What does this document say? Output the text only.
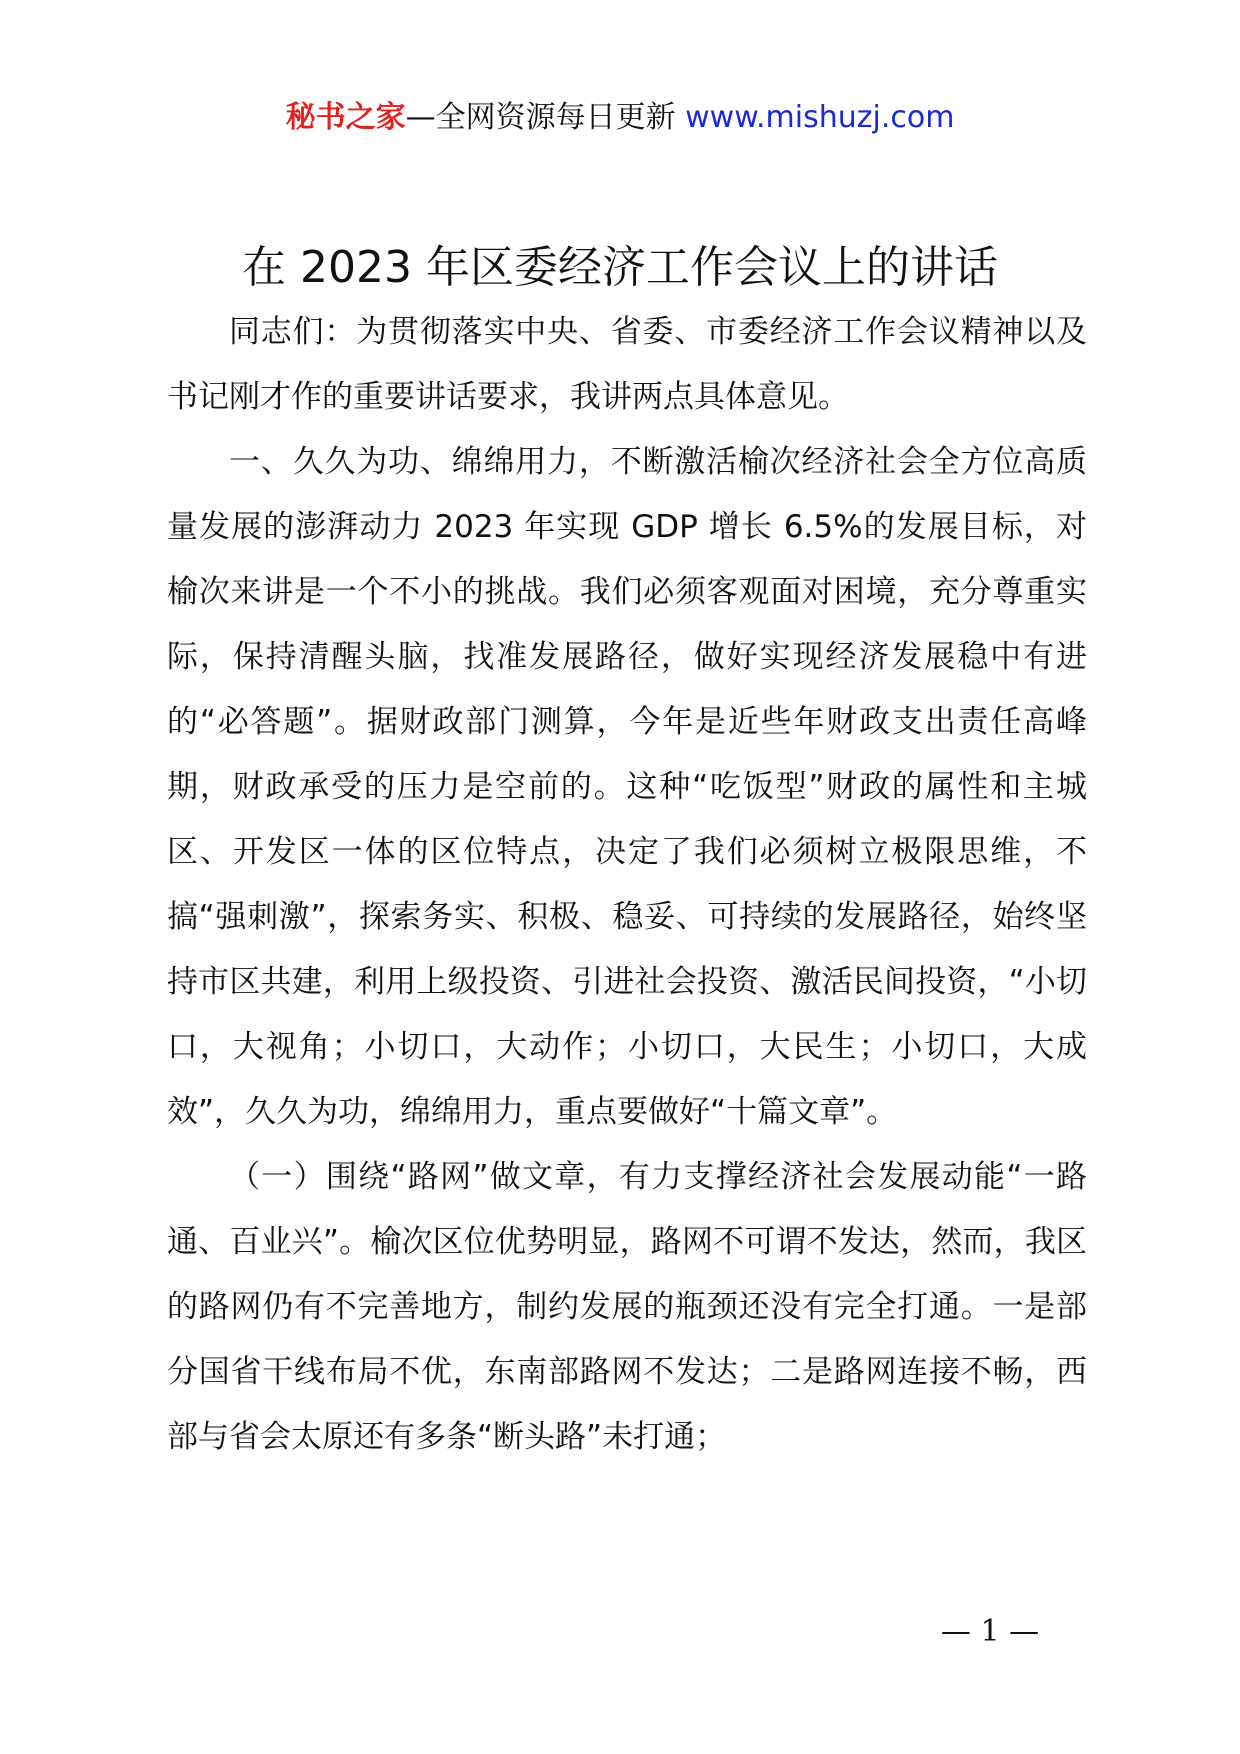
秘书之家—全网资源每日更新 www.mishuzj.com
在 2023 年区委经济工作会议上的讲话

同志们：为贯彻落实中央、省委、市委经济工作会议精神以及书记刚才作的重要讲话要求，我讲两点具体意见。

一、久久为功、绵绵用力，不断激活榆次经济社会全方位高质量发展的澎湃动力 2023 年实现 GDP 增长 6.5%的发展目标，对榆次来讲是一个不小的挑战。我们必须客观面对困境，充分尊重实际，保持清醒头脑，找准发展路径，做好实现经济发展稳中有进的“必答题”。据财政部门测算，今年是近些年财政支出责任高峰期，财政承受的压力是空前的。这种“吃饭型”财政的属性和主城区、开发区一体的区位特点，决定了我们必须树立极限思维，不搞“强刺激”，探索务实、积极、稳妥、可持续的发展路径，始终坚持市区共建，利用上级投资、引进社会投资、激活民间投资，“小切口，大视角；小切口，大动作；小切口，大民生；小切口，大成效”，久久为功，绵绵用力，重点要做好“十篇文章”。

（一）围绕“路网”做文章，有力支撑经济社会发展动能“一路通、百业兴”。榆次区位优势明显，路网不可谓不发达，然而，我区的路网仍有不完善地方，制约发展的瓶颈还没有完全打通。一是部分国省干线布局不优，东南部路网不发达；二是路网连接不畅，西部与省会太原还有多条“断头路”未打通；

— 1 —
